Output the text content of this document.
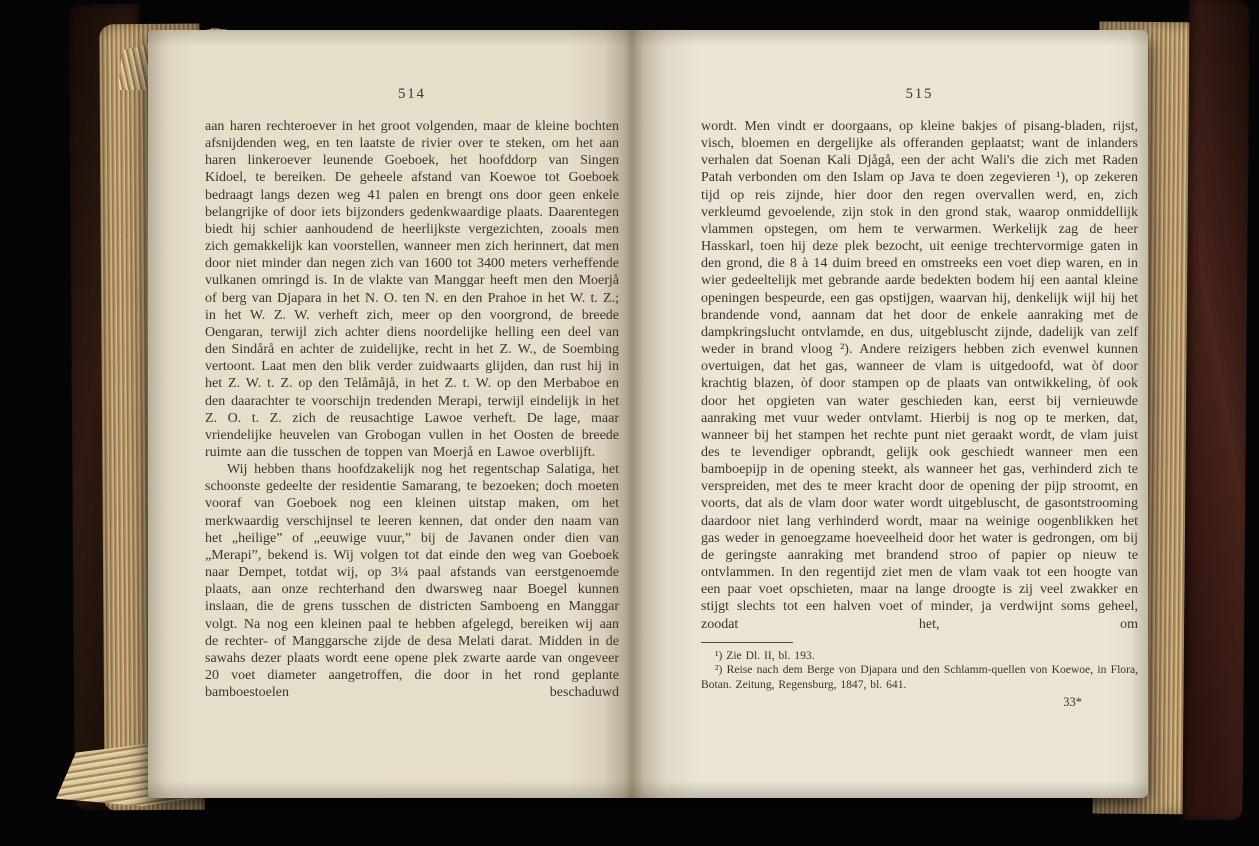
514

aan haren rechteroever in het groot volgenden, maar de kleine bochten afsnijdenden weg, en ten laatste de rivier over te steken, om het aan haren linkeroever leunende Goeboek, het hoofddorp van Singen Kidoel, te bereiken. De geheele afstand van Koewoe tot Goeboek bedraagt langs dezen weg 41 palen en brengt ons door geen enkele belangrijke of door iets bijzonders gedenkwaardige plaats. Daarentegen biedt hij schier aanhoudend de heerlijkste vergezichten, zooals men zich gemakkelijk kan voorstellen, wanneer men zich herinnert, dat men door niet minder dan negen zich van 1600 tot 3400 meters verheffende vulkanen omringd is. In de vlakte van Manggar heeft men den Moerjå of berg van Djapara in het N. O. ten N. en den Prahoe in het W. t. Z.; in het W. Z. W. verheft zich, meer op den voorgrond, de breede Oengaran, terwijl zich achter diens noordelijke helling een deel van den Sindårå en achter de zuidelijke, recht in het Z. W., de Soembing vertoont. Laat men den blik verder zuidwaarts glijden, dan rust hij in het Z. W. t. Z. op den Telåmåjå, in het Z. t. W. op den Merbaboe en den daarachter te voorschijn tredenden Merapi, terwijl eindelijk in het Z. O. t. Z. zich de reusachtige Lawoe verheft. De lage, maar vriendelijke heuvelen van Grobogan vullen in het Oosten de breede ruimte aan die tusschen de toppen van Moerjå en Lawoe overblijft.

Wij hebben thans hoofdzakelijk nog het regentschap Salatiga, het schoonste gedeelte der residentie Samarang, te bezoeken; doch moeten vooraf van Goeboek nog een kleinen uitstap maken, om het merkwaardig verschijnsel te leeren kennen, dat onder den naam van het „heilige” of „eeuwige vuur,” bij de Javanen onder dien van „Merapi”, bekend is. Wij volgen tot dat einde den weg van Goeboek naar Dempet, totdat wij, op 3¼ paal afstands van eerstgenoemde plaats, aan onze rechterhand den dwarsweg naar Boegel kunnen inslaan, die de grens tusschen de districten Samboeng en Manggar volgt. Na nog een kleinen paal te hebben afgelegd, bereiken wij aan de rechter- of Manggarsche zijde de desa Melati darat. Midden in de sawahs dezer plaats wordt eene opene plek zwarte aarde van ongeveer 20 voet diameter aangetroffen, die door in het rond geplante bamboestoelen beschaduwd

515

wordt. Men vindt er doorgaans, op kleine bakjes of pisang-bladen, rijst, visch, bloemen en dergelijke als offeranden geplaatst; want de inlanders verhalen dat Soenan Kali Djågå, een der acht Wali's die zich met Raden Patah verbonden om den Islam op Java te doen zegevieren ¹), op zekeren tijd op reis zijnde, hier door den regen overvallen werd, en, zich verkleumd gevoelende, zijn stok in den grond stak, waarop onmiddellijk vlammen opstegen, om hem te verwarmen. Werkelijk zag de heer Hasskarl, toen hij deze plek bezocht, uit eenige trechtervormige gaten in den grond, die 8 à 14 duim breed en omstreeks een voet diep waren, en in wier gedeeltelijk met gebrande aarde bedekten bodem hij een aantal kleine openingen bespeurde, een gas opstijgen, waarvan hij, denkelijk wijl hij het brandende vond, aannam dat het door de enkele aanraking met de dampkringslucht ontvlamde, en dus, uitgebluscht zijnde, dadelijk van zelf weder in brand vloog ²). Andere reizigers hebben zich evenwel kunnen overtuigen, dat het gas, wanneer de vlam is uitgedoofd, wat òf door krachtig blazen, òf door stampen op de plaats van ontwikkeling, òf ook door het opgieten van water geschieden kan, eerst bij vernieuwde aanraking met vuur weder ontvlamt. Hierbij is nog op te merken, dat, wanneer bij het stampen het rechte punt niet geraakt wordt, de vlam juist des te levendiger opbrandt, gelijk ook geschiedt wanneer men een bamboepijp in de opening steekt, als wanneer het gas, verhinderd zich te verspreiden, met des te meer kracht door de opening der pijp stroomt, en voorts, dat als de vlam door water wordt uitgebluscht, de gasontstrooming daardoor niet lang verhinderd wordt, maar na weinige oogenblikken het gas weder in genoegzame hoeveelheid door het water is gedrongen, om bij de geringste aanraking met brandend stroo of papier op nieuw te ontvlammen. In den regentijd ziet men de vlam vaak tot een hoogte van een paar voet opschieten, maar na lange droogte is zij veel zwakker en stijgt slechts tot een halven voet of minder, ja verdwijnt soms geheel, zoodat het, om

¹) Zie Dl. II, bl. 193.

²) Reise nach dem Berge von Djapara und den Schlamm-quellen von Koewoe, in Flora, Botan. Zeitung, Regensburg, 1847, bl. 641.

33*
